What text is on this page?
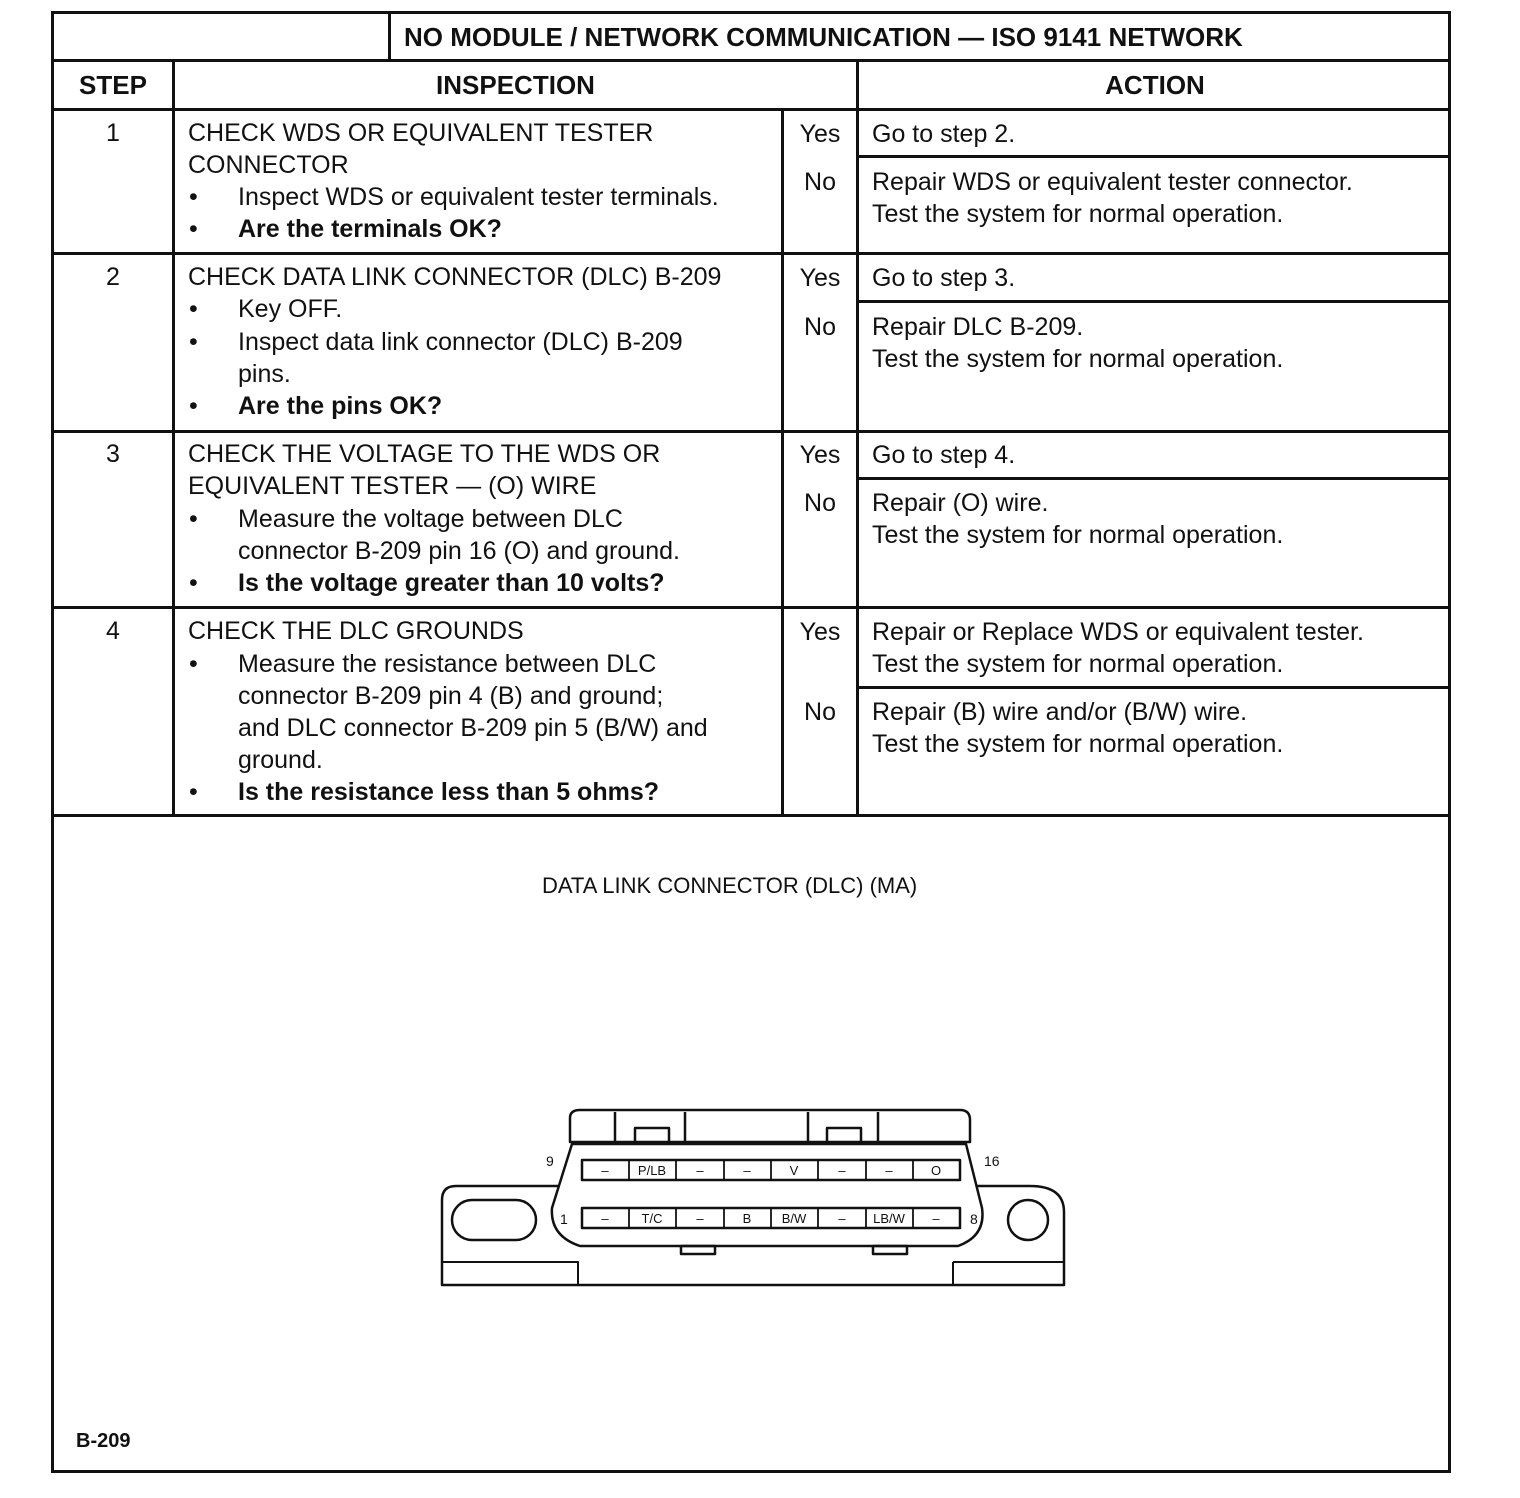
NO MODULE / NETWORK COMMUNICATION — ISO 9141 NETWORK
STEP	INSPECTION	ACTION
1	CHECK WDS OR EQUIVALENT TESTER
CONNECTOR
• Inspect WDS or equivalent tester terminals.
• Are the terminals OK?
Yes	Go to step 2.
No	Repair WDS or equivalent tester connector.
Test the system for normal operation.
2	CHECK DATA LINK CONNECTOR (DLC) B-209
• Key OFF.
• Inspect data link connector (DLC) B-209
pins.
• Are the pins OK?
Yes	Go to step 3.
No	Repair DLC B-209.
Test the system for normal operation.
3	CHECK THE VOLTAGE TO THE WDS OR
EQUIVALENT TESTER — (O) WIRE
• Measure the voltage between DLC
connector B-209 pin 16 (O) and ground.
• Is the voltage greater than 10 volts?
Yes	Go to step 4.
No	Repair (O) wire.
Test the system for normal operation.
4	CHECK THE DLC GROUNDS
• Measure the resistance between DLC
connector B-209 pin 4 (B) and ground;
and DLC connector B-209 pin 5 (B/W) and
ground.
• Is the resistance less than 5 ohms?
Yes	Repair or Replace WDS or equivalent tester.
Test the system for normal operation.
No	Repair (B) wire and/or (B/W) wire.
Test the system for normal operation.
DATA LINK CONNECTOR (DLC) (MA)
– P/LB –	–	V	–	–	O
–	T/C	–	B B/W – LB/W –
9	16
1	8
B-209
